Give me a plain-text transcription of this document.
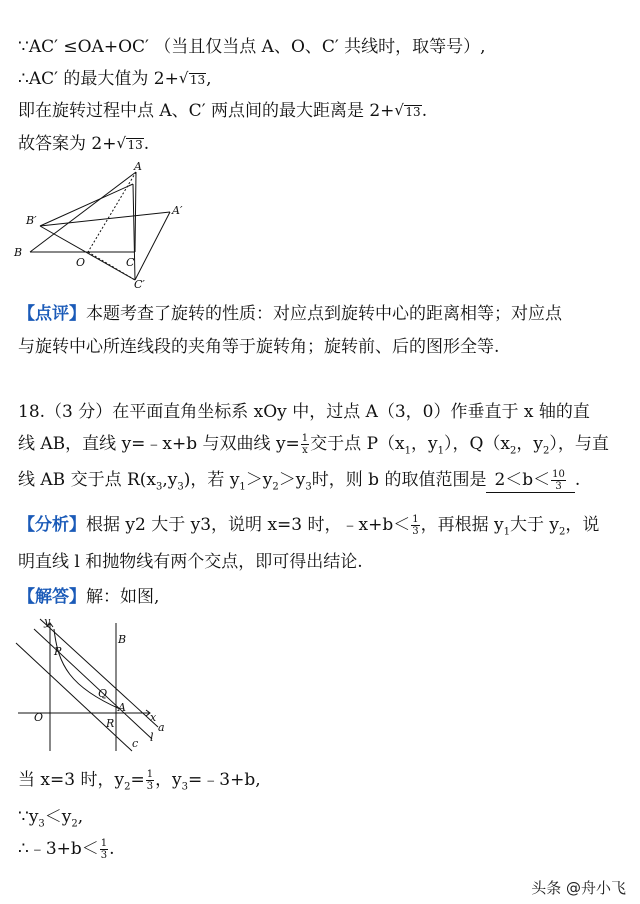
∵AC′ ≤OA+OC′ （当且仅当点 A、O、C′ 共线时，取等号）,
∴AC′ 的最大值为 2+ √ 13,
即在旋转过程中点 A、C′ 两点间的最大距离是 2+ √ 13.
故答案为 2+ √ 13.
A
A′
B
B′
O	C
C′
【点评】本题考查了旋转的性质：对应点到旋转中心的距离相等；对应点
与旋转中心所连线段的夹角等于旋转角；旋转前、后的图形全等.
18.（3 分）在平面直角坐标系 xOy 中，过点 A（3，0）作垂直于 x 轴的直
线 AB，直线 y=﹣x+b 与双曲线 $y= \frac{1}{x}$ 交于点 $P(x_1$，$y_1$），$Q(x_2$，$y_2$），与直
线 AB 交于点 $R(x_3,y_3)$，若 $y_1>y_2>y_3$时，则 b 的取值范围是 $2<b< \frac{10}{3}$ .
【分析】根据 y2 大于 y3，说明 x=3 时，﹣x+b＜ $\frac{1}{3}$ ，再根据 $y_1$大于 $y_2$，说
明直线 l 和抛物线有两个交点，即可得出结论.
【解答】解：如图,
y
x
O
B
P
Q
R
A
a
l
c
当 x=3 时，$y_2= \frac{1}{3}$ ，$y_3=﹣3+b$,
$\because y_3<y_2$,
∴﹣3+b＜ $\frac{1}{3}$ .
头条 @舟小飞
